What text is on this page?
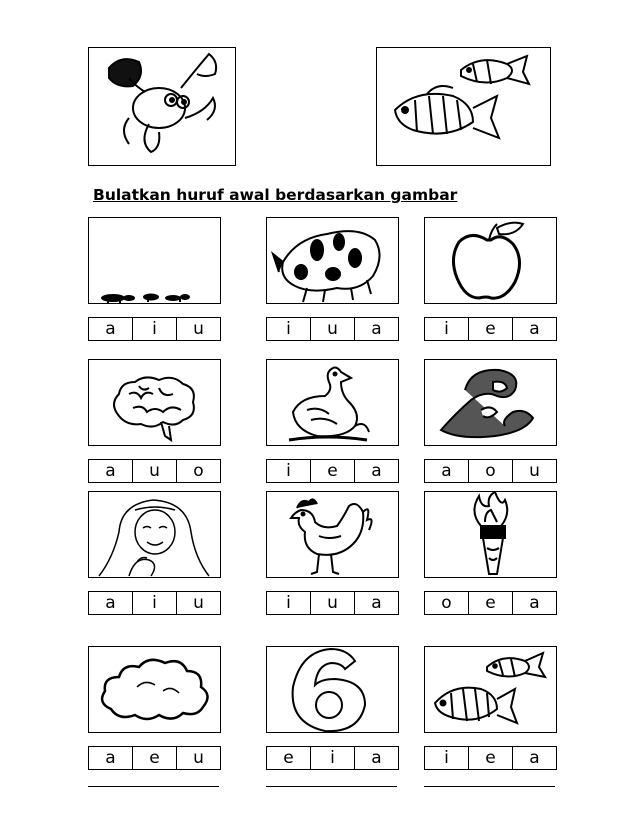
Bulatkan huruf awal berdasarkan gambar

a	i	u	i	u	a	i	e	a
a	u	o	i	e	a	a	o	u
a	i	u	i	u	a	o	e	a
a	e	u	e	i	a	i	e	a
